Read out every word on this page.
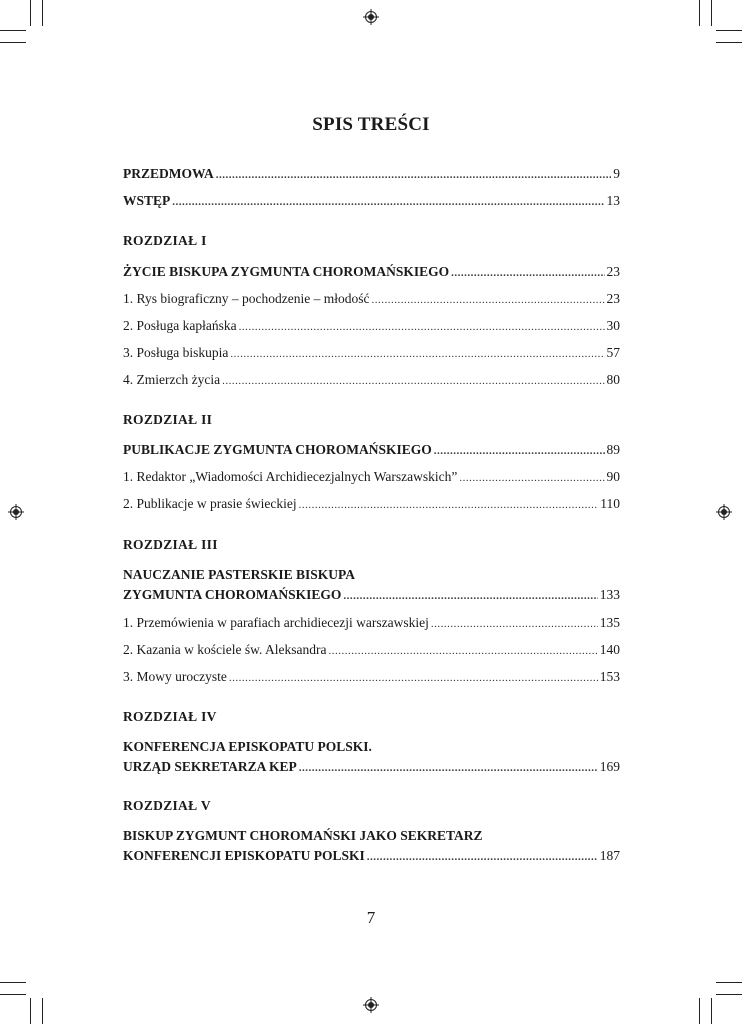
SPIS TREŚCI
PRZEDMOWA .....	9
WSTĘP .....	13
ROZDZIAŁ I
ŻYCIE BISKUPA ZYGMUNTA CHOROMAŃSKIEGO .....	23
1. Rys biograficzny – pochodzenie – młodość .....	23
2. Posługa kapłańska .....	30
3. Posługa biskupia .....	57
4. Zmierzch życia .....	80
ROZDZIAŁ II
PUBLIKACJE ZYGMUNTA CHOROMAŃSKIEGO .....	89
1. Redaktor „Wiadomości Archidiecezjalnych Warszawskich” .....	90
2. Publikacje w prasie świeckiej .....	110
ROZDZIAŁ III
NAUCZANIE PASTERSKIE BISKUPA
ZYGMUNTA CHOROMAŃSKIEGO .....	133
1. Przemówienia w parafiach archidiecezji warszawskiej .....	135
2. Kazania w kościele św. Aleksandra .....	140
3. Mowy uroczyste .....	153
ROZDZIAŁ IV
KONFERENCJA EPISKOPATU POLSKI.
URZĄD SEKRETARZA KEP .....	169
ROZDZIAŁ V
BISKUP ZYGMUNT CHOROMAŃSKI JAKO SEKRETARZ
KONFERENCJI EPISKOPATU POLSKI .....	187
7
